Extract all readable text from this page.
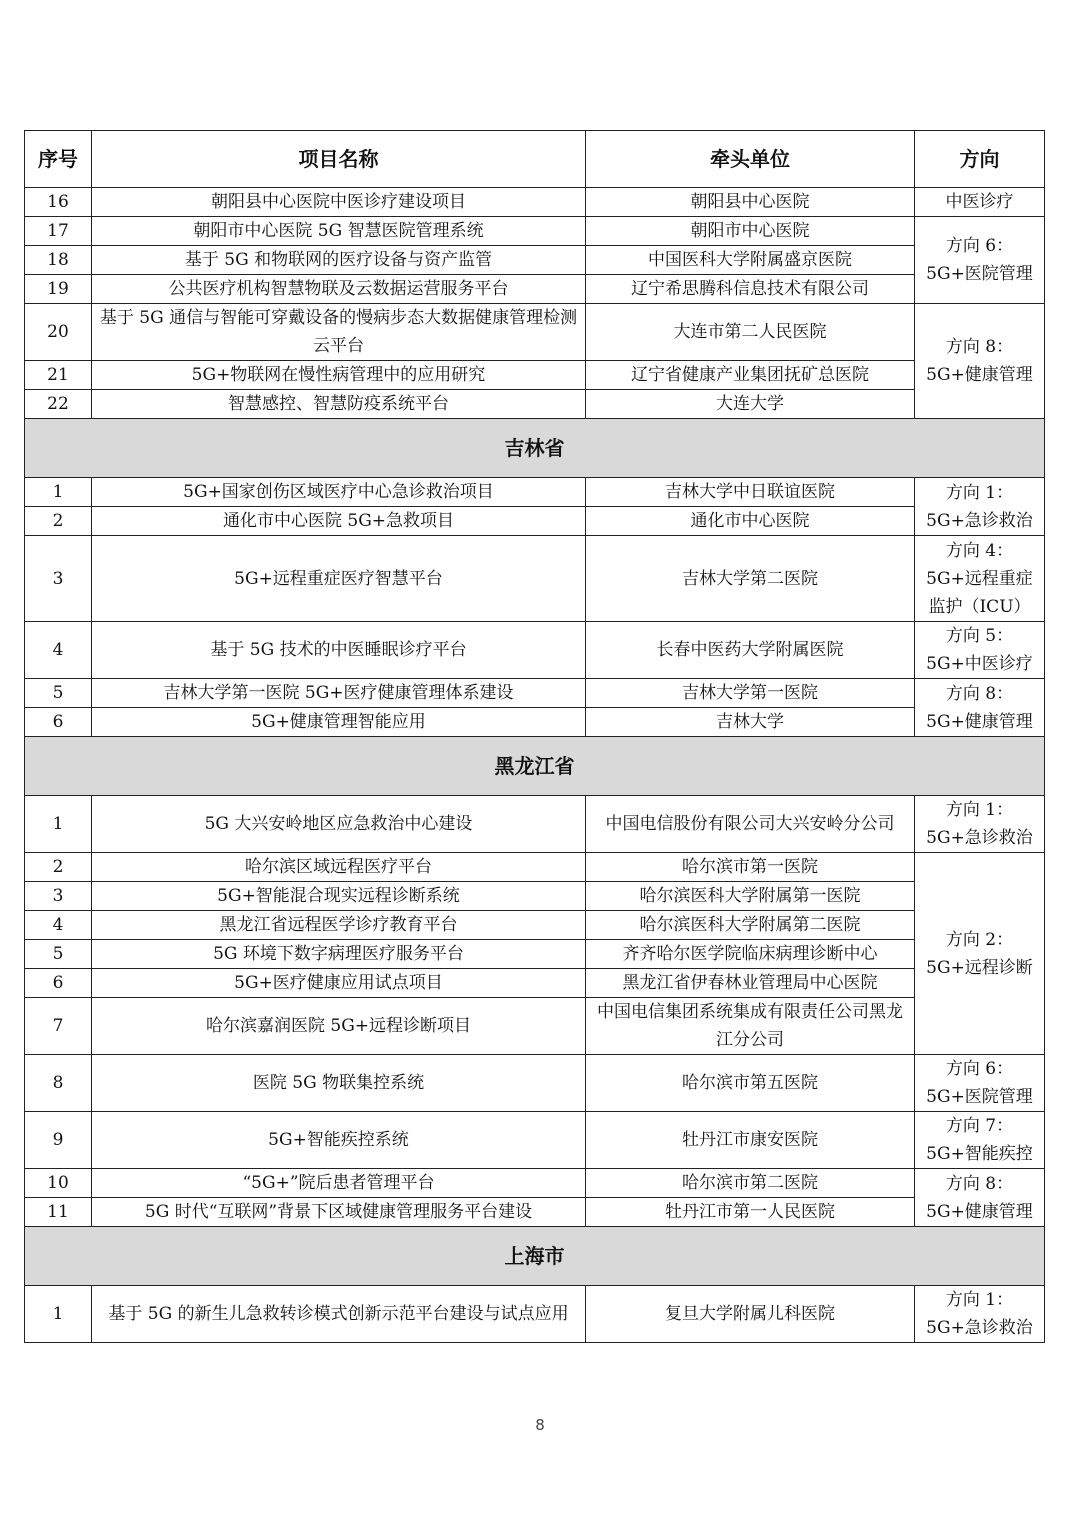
序号	项目名称	牵头单位	方向
16	朝阳县中心医院中医诊疗建设项目	朝阳县中心医院	中医诊疗
17	朝阳市中心医院 5G 智慧医院管理系统	朝阳市中心医院	方向 6：5G+医院管理
18	基于 5G 和物联网的医疗设备与资产监管	中国医科大学附属盛京医院	
19	公共医疗机构智慧物联及云数据运营服务平台	辽宁希思腾科信息技术有限公司	
20	基于 5G 通信与智能可穿戴设备的慢病步态大数据健康管理检测云平台	大连市第二人民医院	方向 8：5G+健康管理
21	5G+物联网在慢性病管理中的应用研究	辽宁省健康产业集团抚矿总医院	
22	智慧感控、智慧防疫系统平台	大连大学	
吉林省			
1	5G+国家创伤区域医疗中心急诊救治项目	吉林大学中日联谊医院	方向 1：5G+急诊救治
2	通化市中心医院 5G+急救项目	通化市中心医院	
3	5G+远程重症医疗智慧平台	吉林大学第二医院	方向 4：5G+远程重症监护（ICU）
4	基于 5G 技术的中医睡眠诊疗平台	长春中医药大学附属医院	方向 5：5G+中医诊疗
5	吉林大学第一医院 5G+医疗健康管理体系建设	吉林大学第一医院	方向 8：5G+健康管理
6	5G+健康管理智能应用	吉林大学	
黑龙江省			
1	5G 大兴安岭地区应急救治中心建设	中国电信股份有限公司大兴安岭分公司	方向 1：5G+急诊救治
2	哈尔滨区域远程医疗平台	哈尔滨市第一医院	方向 2：5G+远程诊断
3	5G+智能混合现实远程诊断系统	哈尔滨医科大学附属第一医院	
4	黑龙江省远程医学诊疗教育平台	哈尔滨医科大学附属第二医院	
5	5G 环境下数字病理医疗服务平台	齐齐哈尔医学院临床病理诊断中心	
6	5G+医疗健康应用试点项目	黑龙江省伊春林业管理局中心医院	
7	哈尔滨嘉润医院 5G+远程诊断项目	中国电信集团系统集成有限责任公司黑龙江分公司	
8	医院 5G 物联集控系统	哈尔滨市第五医院	方向 6：5G+医院管理
9	5G+智能疾控系统	牡丹江市康安医院	方向 7：5G+智能疾控
10	“5G+”院后患者管理平台	哈尔滨市第二医院	方向 8：5G+健康管理
11	5G 时代“互联网”背景下区域健康管理服务平台建设	牡丹江市第一人民医院	
上海市			
1	基于 5G 的新生儿急救转诊模式创新示范平台建设与试点应用	复旦大学附属儿科医院	方向 1：5G+急诊救治
8
